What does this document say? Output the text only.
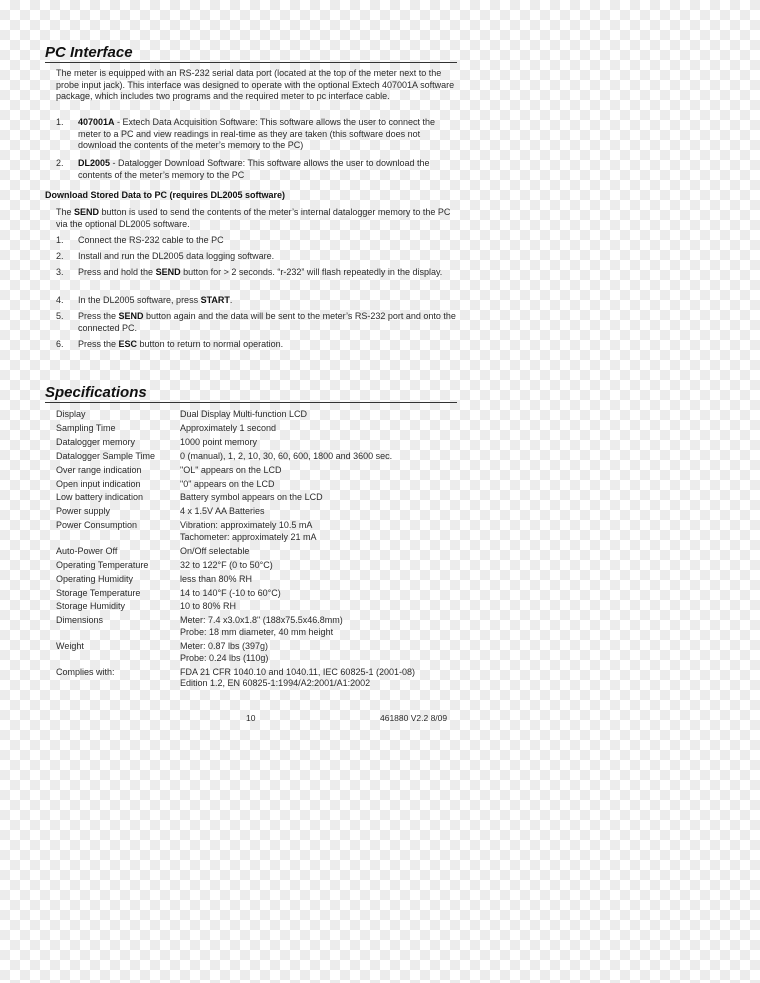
PC Interface

The meter is equipped with an RS-232 serial data port (located at the top of the meter next to the probe input jack). This interface was designed to operate with the optional Extech 407001A software package, which includes two programs and the required meter to pc interface cable.

1.	407001A - Extech Data Acquisition Software: This software allows the user to connect the meter to a PC and view readings in real-time as they are taken (this software does not download the contents of the meter’s memory to the PC)
2.	DL2005 - Datalogger Download Software: This software allows the user to download the contents of the meter’s memory to the PC
Download Stored Data to PC (requires DL2005 software)

The SEND button is used to send the contents of the meter’s internal datalogger memory to the PC via the optional DL2005 software.

1.	Connect the RS-232 cable to the PC
2.	Install and run the DL2005 data logging software.
3.	Press and hold the SEND button for > 2 seconds. “r-232” will flash repeatedly in the display.
4.	In the DL2005 software, press START.
5.	Press the SEND button again and the data will be sent to the meter’s RS-232 port and onto the connected PC.
6.	Press the ESC button to return to normal operation.
Specifications
Display	Dual Display Multi-function LCD
Sampling Time	Approximately 1 second
Datalogger memory	1000 point memory
Datalogger Sample Time	0 (manual), 1, 2, 10, 30, 60, 600, 1800 and 3600 sec.
Over range indication	"OL" appears on the LCD
Open input indication	"0" appears on the LCD
Low battery indication	Battery symbol appears on the LCD
Power supply	4 x 1.5V AA Batteries
Power Consumption	Vibration: approximately 10.5 mA
Tachometer: approximately 21 mA
Auto-Power Off	On/Off selectable
Operating Temperature	32 to 122°F (0 to 50°C)
Operating Humidity	less than 80% RH
Storage Temperature	14 to 140°F (-10 to 60°C)
Storage Humidity	10 to 80% RH
Dimensions	Meter: 7.4 x3.0x1.8" (188x75.5x46.8mm)
Probe: 18 mm diameter, 40 mm height
Weight	Meter: 0.87 lbs (397g)
Probe: 0.24 lbs (110g)
Complies with:	FDA 21 CFR 1040.10 and 1040.11, IEC 60825-1 (2001-08)
Edition 1.2, EN 60825-1:1994/A2:2001/A1:2002
10	461880 V2.2 8/09
